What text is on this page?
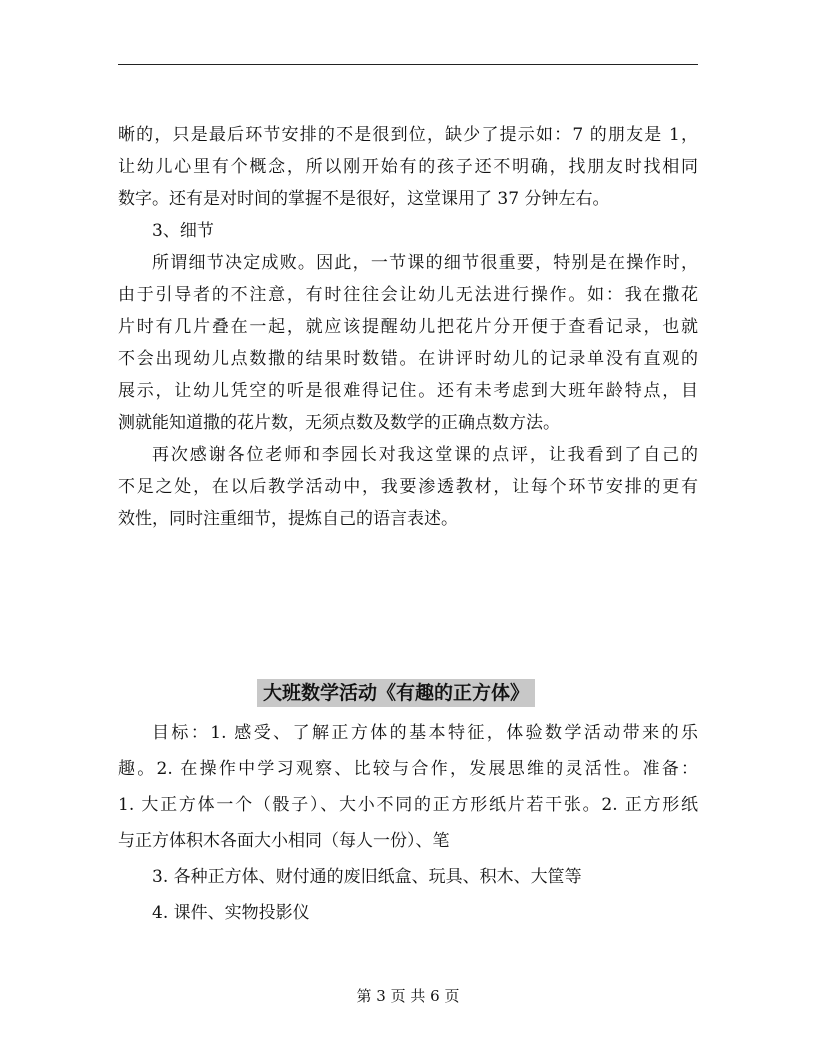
晰的，只是最后环节安排的不是很到位，缺少了提示如：7 的朋友是 1，
让幼儿心里有个概念，所以刚开始有的孩子还不明确，找朋友时找相同
数字。还有是对时间的掌握不是很好，这堂课用了 37 分钟左右。
3、细节
所谓细节决定成败。因此，一节课的细节很重要，特别是在操作时，
由于引导者的不注意，有时往往会让幼儿无法进行操作。如：我在撒花
片时有几片叠在一起，就应该提醒幼儿把花片分开便于查看记录，也就
不会出现幼儿点数撒的结果时数错。在讲评时幼儿的记录单没有直观的
展示，让幼儿凭空的听是很难得记住。还有未考虑到大班年龄特点，目
测就能知道撒的花片数，无须点数及数学的正确点数方法。
再次感谢各位老师和李园长对我这堂课的点评，让我看到了自己的
不足之处，在以后教学活动中，我要渗透教材，让每个环节安排的更有
效性，同时注重细节，提炼自己的语言表述。
大班数学活动《有趣的正方体》
目标：1. 感受、了解正方体的基本特征，体验数学活动带来的乐
趣。2. 在操作中学习观察、比较与合作，发展思维的灵活性。准备：
1. 大正方体一个（骰子）、大小不同的正方形纸片若干张。2. 正方形纸
与正方体积木各面大小相同（每人一份）、笔
3. 各种正方体、财付通的废旧纸盒、玩具、积木、大筐等
4. 课件、实物投影仪
第 3 页 共 6 页
